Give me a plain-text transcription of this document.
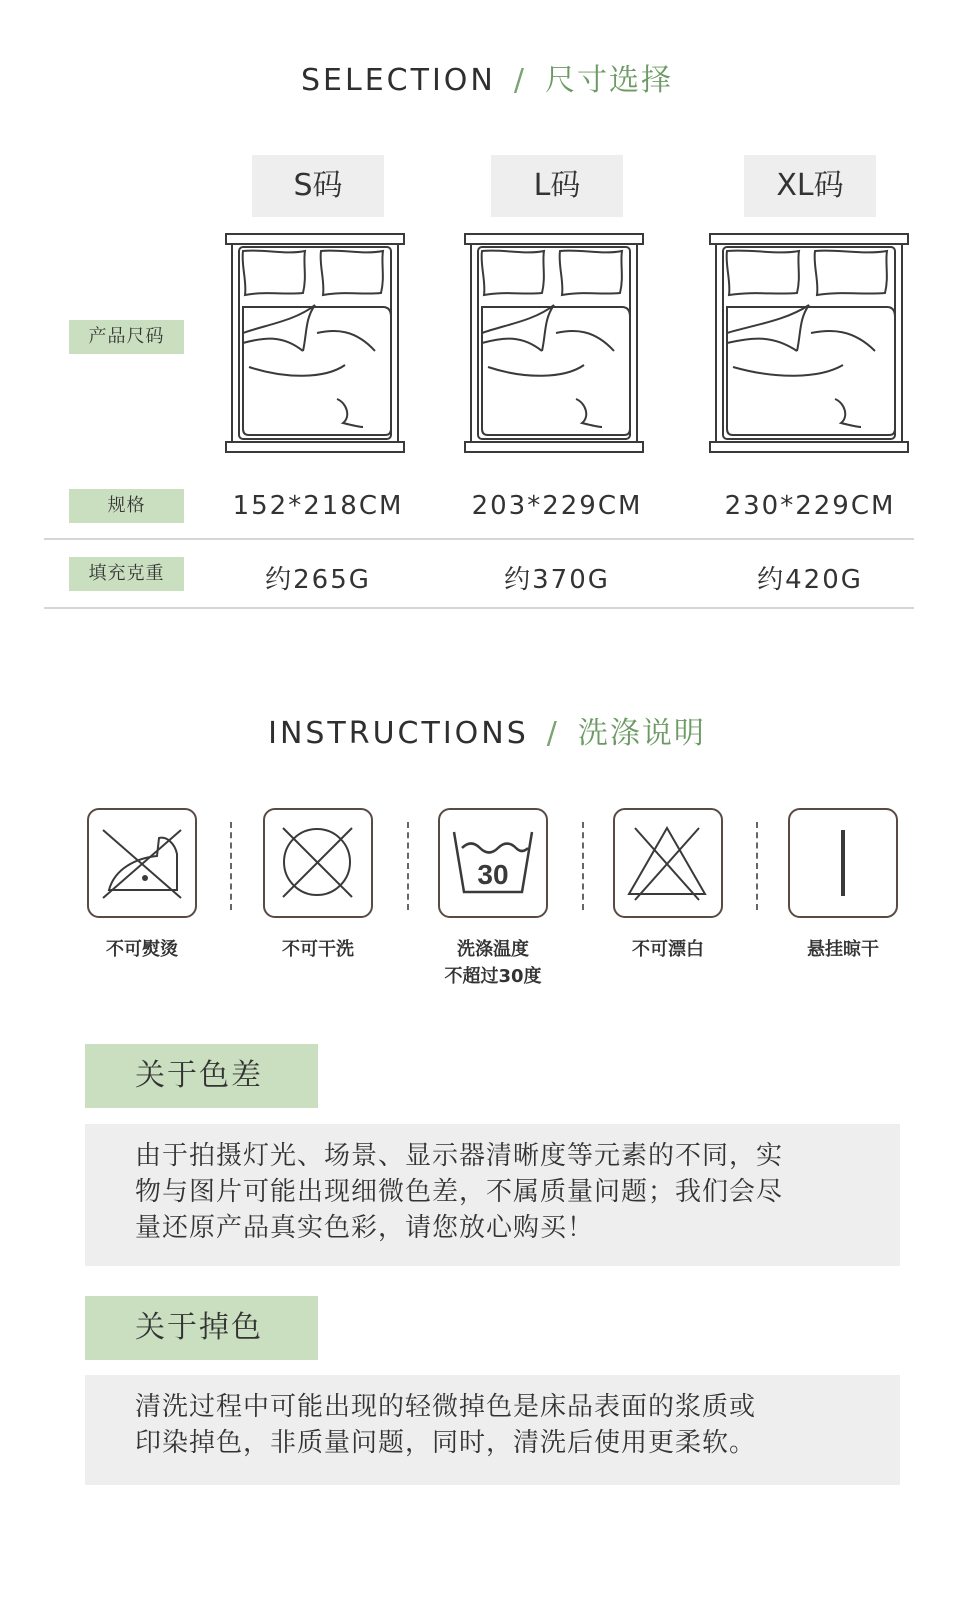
SELECTION / 尺寸选择
S码	L码	XL码
产品尺码
规格	152*218CM	203*229CM	230*229CM
填充克重	约265G	约370G	约420G
INSTRUCTIONS / 洗涤说明
30
不可熨烫	不可干洗	洗涤温度
不超过30度
不可漂白	悬挂晾干
关于色差
由于拍摄灯光、场景、显示器清晰度等元素的不同，实
物与图片可能出现细微色差，不属质量问题；我们会尽
量还原产品真实色彩，请您放心购买！
关于掉色
清洗过程中可能出现的轻微掉色是床品表面的浆质或
印染掉色，非质量问题，同时，清洗后使用更柔软。
